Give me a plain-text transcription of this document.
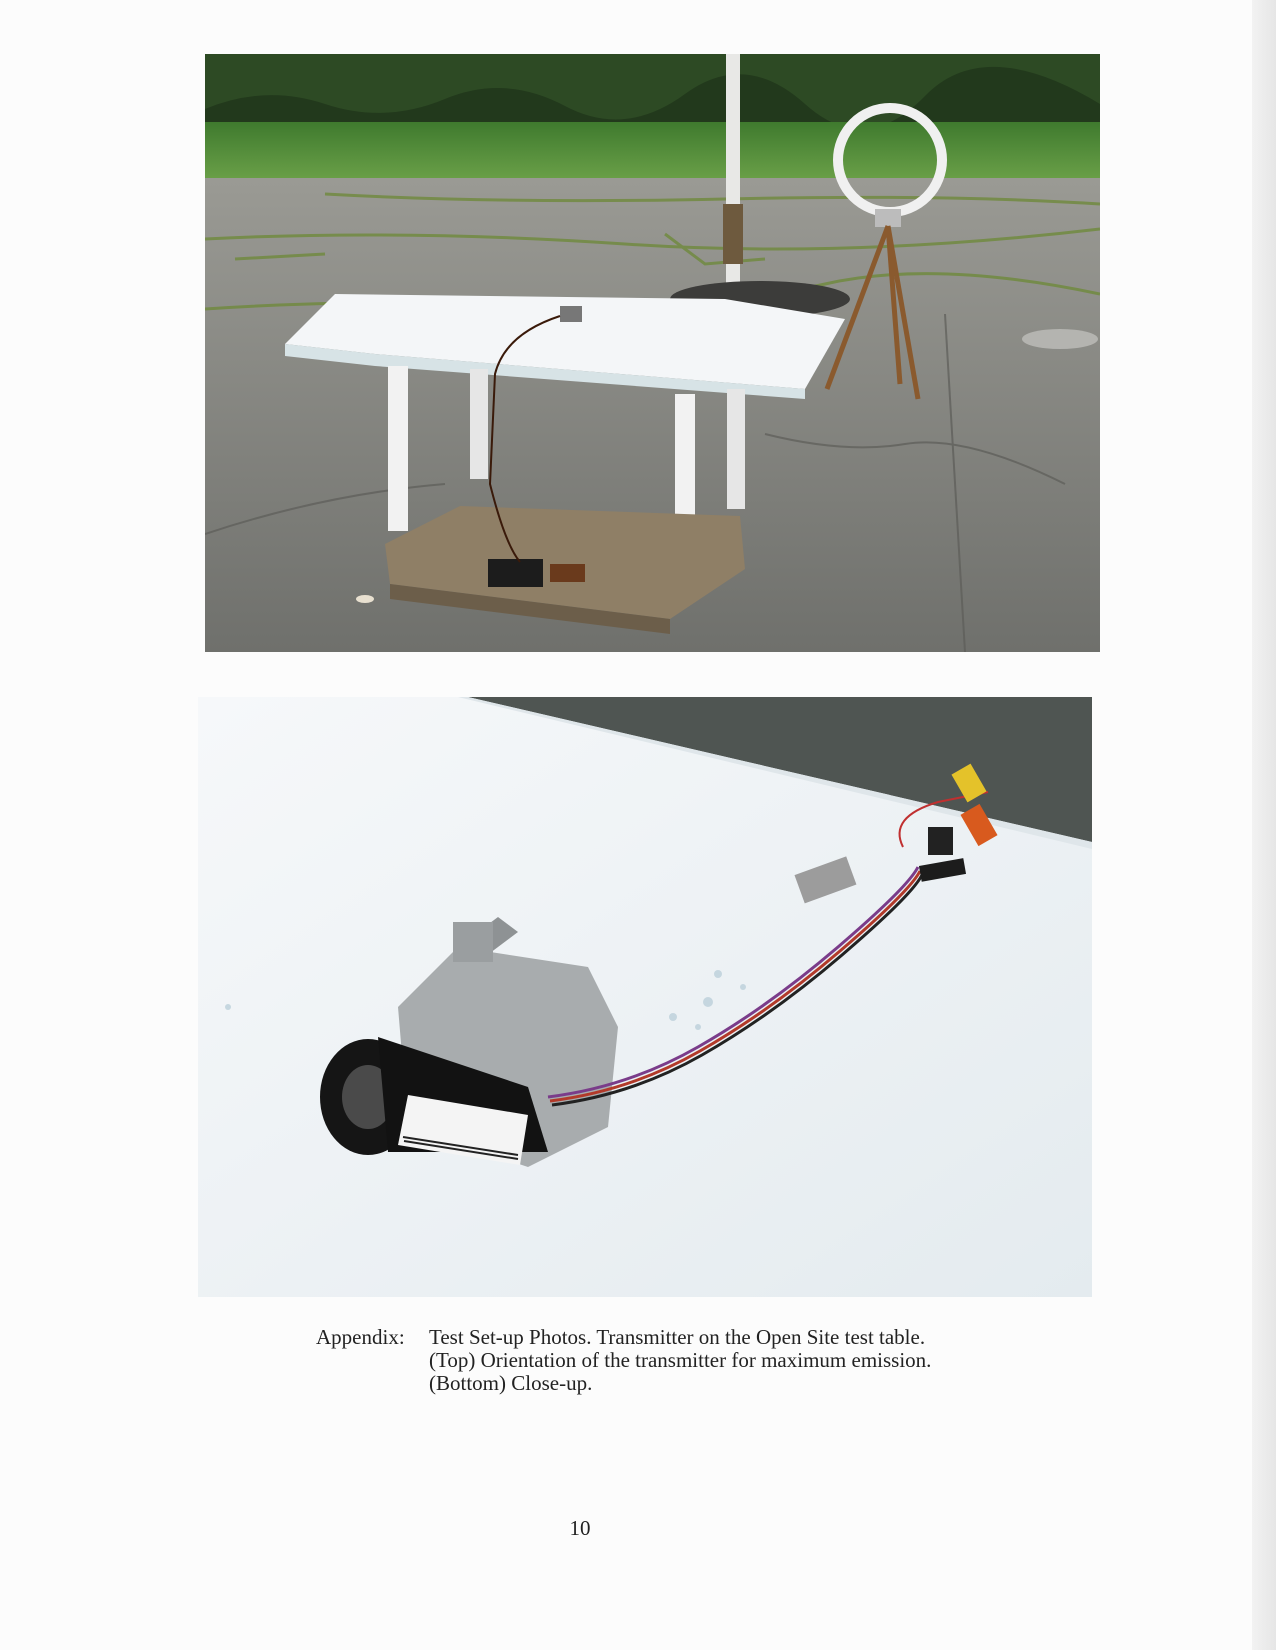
Appendix:	Test Set-up Photos. Transmitter on the Open Site test table.
(Top) Orientation of the transmitter for maximum emission.
(Bottom) Close-up.
10
